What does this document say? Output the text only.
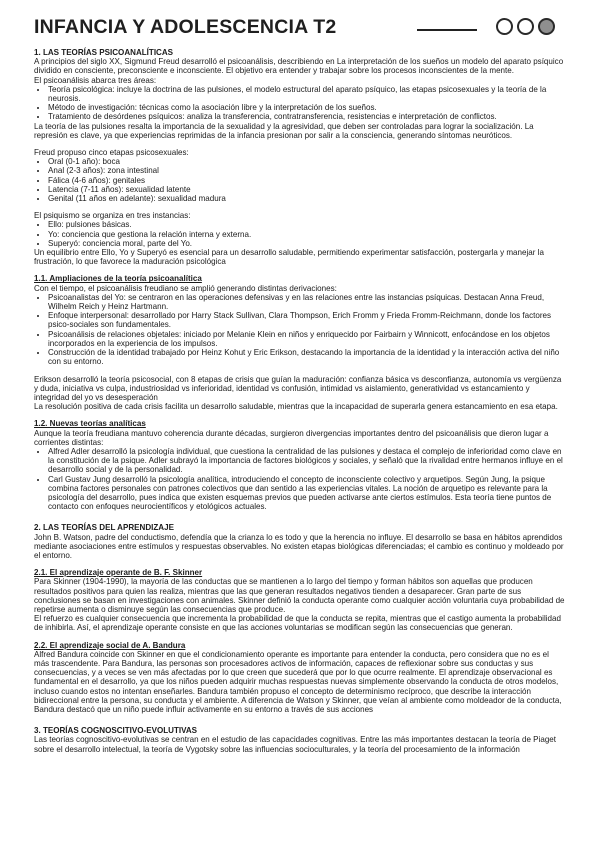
INFANCIA Y ADOLESCENCIA T2

1. LAS TEORÍAS PSICOANALÍTICAS

A principios del siglo XX, Sigmund Freud desarrolló el psicoanálisis, describiendo en La interpretación de los sueños un modelo del aparato psíquico dividido en consciente, preconsciente e inconsciente. El objetivo era entender y trabajar sobre los procesos inconscientes de la mente.

El psicoanálisis abarca tres áreas:

• Teoría psicológica: incluye la doctrina de las pulsiones, el modelo estructural del aparato psíquico, las etapas psicosexuales y la teoría de la neurosis.
• Método de investigación: técnicas como la asociación libre y la interpretación de los sueños.
• Tratamiento de desórdenes psíquicos: analiza la transferencia, contratransferencia, resistencias e interpretación de conflictos.

La teoría de las pulsiones resalta la importancia de la sexualidad y la agresividad, que deben ser controladas para lograr la socialización. La represión es clave, ya que experiencias reprimidas de la infancia presionan por salir a la consciencia, generando síntomas neuróticos.

Freud propuso cinco etapas psicosexuales:

• Oral (0-1 año): boca
• Anal (2-3 años): zona intestinal
• Fálica (4-6 años): genitales
• Latencia (7-11 años): sexualidad latente
• Genital (11 años en adelante): sexualidad madura

El psiquismo se organiza en tres instancias:

• Ello: pulsiones básicas.
• Yo: conciencia que gestiona la relación interna y externa.
• Superyó: conciencia moral, parte del Yo.

Un equilibrio entre Ello, Yo y Superyó es esencial para un desarrollo saludable, permitiendo experimentar satisfacción, postergarla y manejar la frustración, lo que favorece la maduración psicológica

1.1. Ampliaciones de la teoría psicoanalítica

Con el tiempo, el psicoanálisis freudiano se amplió generando distintas derivaciones:

• Psicoanalistas del Yo: se centraron en las operaciones defensivas y en las relaciones entre las instancias psíquicas. Destacan Anna Freud, Wilhelm Reich y Heinz Hartmann.
• Enfoque interpersonal: desarrollado por Harry Stack Sullivan, Clara Thompson, Erich Fromm y Frieda Fromm-Reichmann, donde los factores psico-sociales son fundamentales.
• Psicoanálisis de relaciones objetales: iniciado por Melanie Klein en niños y enriquecido por Fairbairn y Winnicott, enfocándose en los objetos incorporados en la experiencia de los impulsos.
• Construcción de la identidad trabajado por Heinz Kohut y Eric Erikson, destacando la importancia de la identidad y la interacción activa del niño con su entorno.

Erikson desarrolló la teoría psicosocial, con 8 etapas de crisis que guían la maduración: confianza básica vs desconfianza, autonomía vs vergüenza y duda, iniciativa vs culpa, industriosidad vs inferioridad, identidad vs confusión, intimidad vs aislamiento, generatividad vs estancamiento y integridad del yo vs desesperación

La resolución positiva de cada crisis facilita un desarrollo saludable, mientras que la incapacidad de superarla genera estancamiento en esa etapa.

1.2. Nuevas teorías analíticas

Aunque la teoría freudiana mantuvo coherencia durante décadas, surgieron divergencias importantes dentro del psicoanálisis que dieron lugar a corrientes distintas:

• Alfred Adler desarrolló la psicología individual, que cuestiona la centralidad de las pulsiones y destaca el complejo de inferioridad como clave en la constitución de la psique. Adler subrayó la importancia de factores biológicos y sociales, y señaló que la rivalidad entre hermanos influye en el desarrollo social y de la personalidad.
• Carl Gustav Jung desarrolló la psicología analítica, introduciendo el concepto de inconsciente colectivo y arquetipos. Según Jung, la psique combina factores personales con patrones colectivos que dan sentido a las experiencias vitales. La noción de arquetipo es relevante para la psicología del desarrollo, pues indica que existen esquemas previos que pueden activarse ante ciertos estímulos. Esta teoría tiene puntos de contacto con enfoques neurocientíficos y etológicos actuales.

2. LAS TEORÍAS DEL APRENDIZAJE

John B. Watson, padre del conductismo, defendía que la crianza lo es todo y que la herencia no influye. El desarrollo se basa en hábitos aprendidos mediante asociaciones entre estímulos y respuestas observables. No existen etapas biológicas diferenciadas; el cambio es continuo y moldeado por el entorno.

2.1. El aprendizaje operante de B. F. Skinner

Para Skinner (1904-1990), la mayoría de las conductas que se mantienen a lo largo del tiempo y forman hábitos son aquellas que producen resultados positivos para quien las realiza, mientras que las que generan resultados negativos tienden a desaparecer. Gran parte de sus conclusiones se basan en investigaciones con animales. Skinner definió la conducta operante como cualquier acción voluntaria cuya probabilidad de repetirse aumenta o disminuye según las consecuencias que produce.

El refuerzo es cualquier consecuencia que incrementa la probabilidad de que la conducta se repita, mientras que el castigo aumenta la probabilidad de inhibirla. Así, el aprendizaje operante consiste en que las acciones voluntarias se modifican según las consecuencias que generan.

2.2. El aprendizaje social de A. Bandura

Alfred Bandura coincide con Skinner en que el condicionamiento operante es importante para entender la conducta, pero considera que no es el más trascendente. Para Bandura, las personas son procesadores activos de información, capaces de reflexionar sobre sus conductas y sus consecuencias, y a veces se ven más afectadas por lo que creen que sucederá que por lo que ocurre realmente. El aprendizaje observacional es fundamental en el desarrollo, ya que los niños pueden adquirir muchas respuestas nuevas simplemente observando la conducta de otros modelos, incluso cuando estos no intentan enseñarles. Bandura también propuso el concepto de determinismo recíproco, que describe la interacción bidireccional entre la persona, su conducta y el ambiente. A diferencia de Watson y Skinner, que veían al ambiente como moldeador de la conducta, Bandura destacó que un niño puede influir activamente en su entorno a través de sus acciones

3. TEORÍAS COGNOSCITIVO-EVOLUTIVAS

Las teorías cognoscitivo-evolutivas se centran en el estudio de las capacidades cognitivas. Entre las más importantes destacan la teoría de Piaget sobre el desarrollo intelectual, la teoría de Vygotsky sobre las influencias socioculturales, y la teoría del procesamiento de la información
